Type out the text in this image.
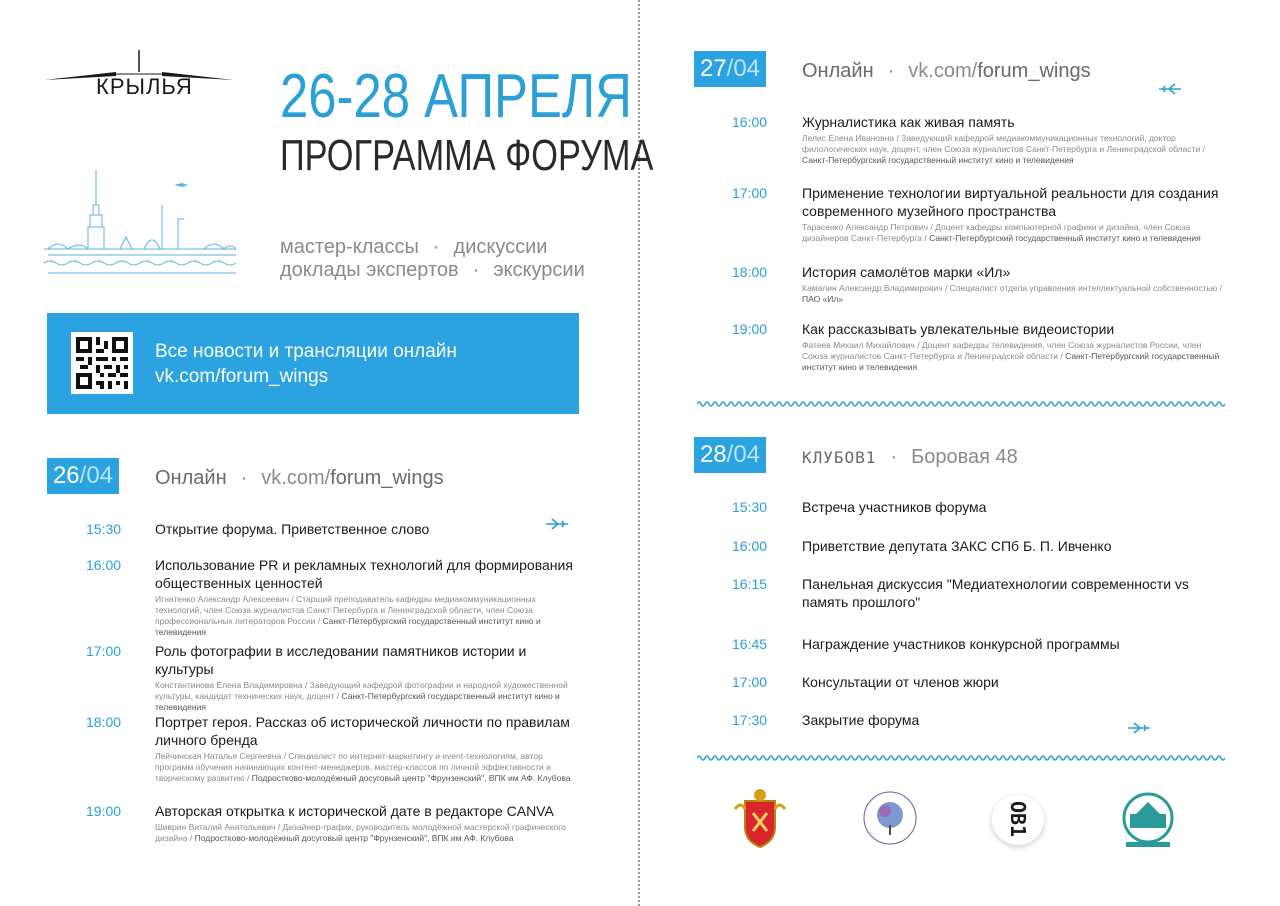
КРЫЛЬЯ 26-28 АПРЕЛЯ
ПРОГРАММА ФОРУМА
мастер-классы · дискуссии
доклады экспертов · экскурсии
Все новости и трансляции онлайн
vk.com/forum_wings
26/04 Онлайн · vk.com/forum_wings
15:30 Открытие форума. Приветственное слово
16:00 Использование PR и рекламных технологий для формирования общественных ценностей
Игнатенко Александр Алексеевич / Старший преподаватель кафедры медиакоммуникационных технологий, член Союза журналистов Санкт-Петербурга и Ленинградской области, член Союза профессиональных литераторов России / Санкт-Петербургский государственный институт кино и телевидения
17:00 Роль фотографии в исследовании памятников истории и культуры
Константинова Елена Владимировна / Заведующий кафедрой фотографии и народной художественной культуры, кандидат технических наук, доцент / Санкт-Петербургский государственный институт кино и телевидения
18:00 Портрет героя. Рассказ об исторической личности по правилам личного бренда
Лейчинская Наталья Сергеевна / Специалист по интернет-маркетингу и event-технологиям, автор программ обучения начинающих контент-менеджеров, мастер-классов по личной эффективности и творческому развитию / Подростково-молодёжный досуговый центр "Фрунзенский", ВПК им АФ. Клубова
19:00 Авторская открытка к исторической дате в редакторе CANVA
Шиврин Виталий Анатольевич / Дизайнер-график, руководитель молодёжной мастерской графического дизайна / Подростково-молодёжный досуговый центр "Фрунзенский", ВПК им АФ. Клубова
27/04 Онлайн · vk.com/forum_wings
16:00 Журналистика как живая память
Лелис Елена Ивановна / Заведующий кафедрой медиакоммуникационных технологий, доктор филологических наук, доцент, член Союза журналистов Санкт-Петербурга и Ленинградской области / Санкт-Петербургский государственный институт кино и телевидения
17:00 Применение технологии виртуальной реальности для создания современного музейного пространства
Тарасенко Александр Петрович / Доцент кафедры компьютерной графики и дизайна, член Союза дизайнеров Санкт-Петербурга / Санкт-Петербургский государственный институт кино и телевидения
18:00 История самолётов марки «Ил»
Камалин Александр Владимирович / Специалист отдела управления интеллектуальной собственностью / ПАО «Ил»
19:00 Как рассказывать увлекательные видеоистории
Фатеев Михаил Михайлович / Доцент кафедры телевидения, член Союза журналистов России, член Союза журналистов Санкт-Петербурга и Ленинградской области / Санкт-Петербургский государственный институт кино и телевидения
28/04	КЛУБОВ1 · Боровая 48
15:30 Встреча участников форума
16:00 Приветствие депутата ЗАКС СПб Б. П. Ивченко
16:15 Панельная дискуссия "Медиатехнологии современности vs память прошлого"
16:45 Награждение участников конкурсной программы
17:00 Консультации от членов жюри
17:30 Закрытие форума
OB1
